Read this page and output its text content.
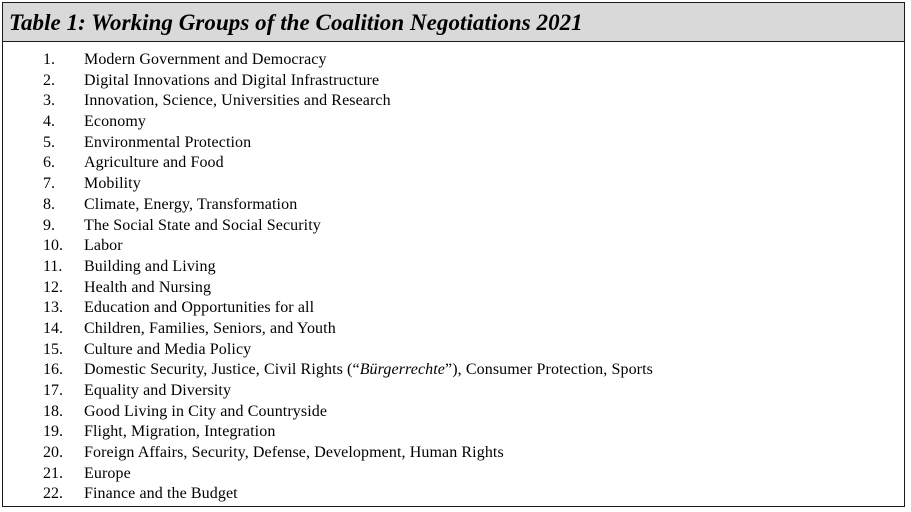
Table 1: Working Groups of the Coalition Negotiations 2021
1.	Modern Government and Democracy
2.	Digital Innovations and Digital Infrastructure
3.	Innovation, Science, Universities and Research
4.	Economy
5.	Environmental Protection
6.	Agriculture and Food
7.	Mobility
8.	Climate, Energy, Transformation
9.	The Social State and Social Security
10.	Labor
11.	Building and Living
12.	Health and Nursing
13.	Education and Opportunities for all
14.	Children, Families, Seniors, and Youth
15.	Culture and Media Policy
16.	Domestic Security, Justice, Civil Rights (“Bürgerrechte”), Consumer Protection, Sports
17.	Equality and Diversity
18.	Good Living in City and Countryside
19.	Flight, Migration, Integration
20.	Foreign Affairs, Security, Defense, Development, Human Rights
21.	Europe
22.	Finance and the Budget
